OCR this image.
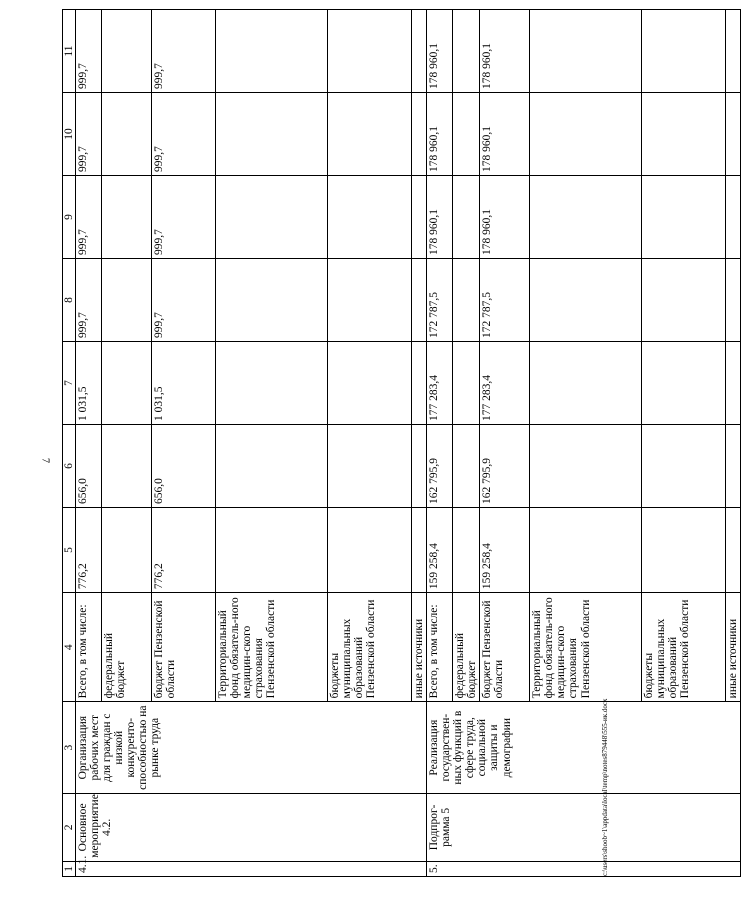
7
c:\users\shoob~1\appdata\local\temp\notes879448\555-ик.docx
1	2	3	4	5	6	7	8	9	10	11
4.1.	Основное мероприятие 4.2.	Организация рабочих мест для граждан с низкой конкуренто-способностью на рынке труда	Всего, в том числе:	776,2	656,0	1 031,5	999,7	999,7	999,7	999,7
			федеральный бюджет							
			бюджет Пензенской области	776,2	656,0	1 031,5	999,7	999,7	999,7	999,7
			Территориальный фонд обязатель-ного медицин-ского страхования Пензенской области							
			бюджеты муниципальных образований Пензенской области							
			иные источники							
5.	Подпрог-рамма 5	Реализация государствен-ных функций в сфере труда, социальной защиты и демографии	Всего, в том числе:	159 258,4	162 795,9	177 283,4	172 787,5	178 960,1	178 960,1	178 960,1
			федеральный бюджет							
			бюджет Пензенской области	159 258,4	162 795,9	177 283,4	172 787,5	178 960,1	178 960,1	178 960,1
			Территориальный фонд обязатель-ного медицин-ского страхования Пензенской области							
			бюджеты муниципальных образований Пензенской области							
			иные источники							
